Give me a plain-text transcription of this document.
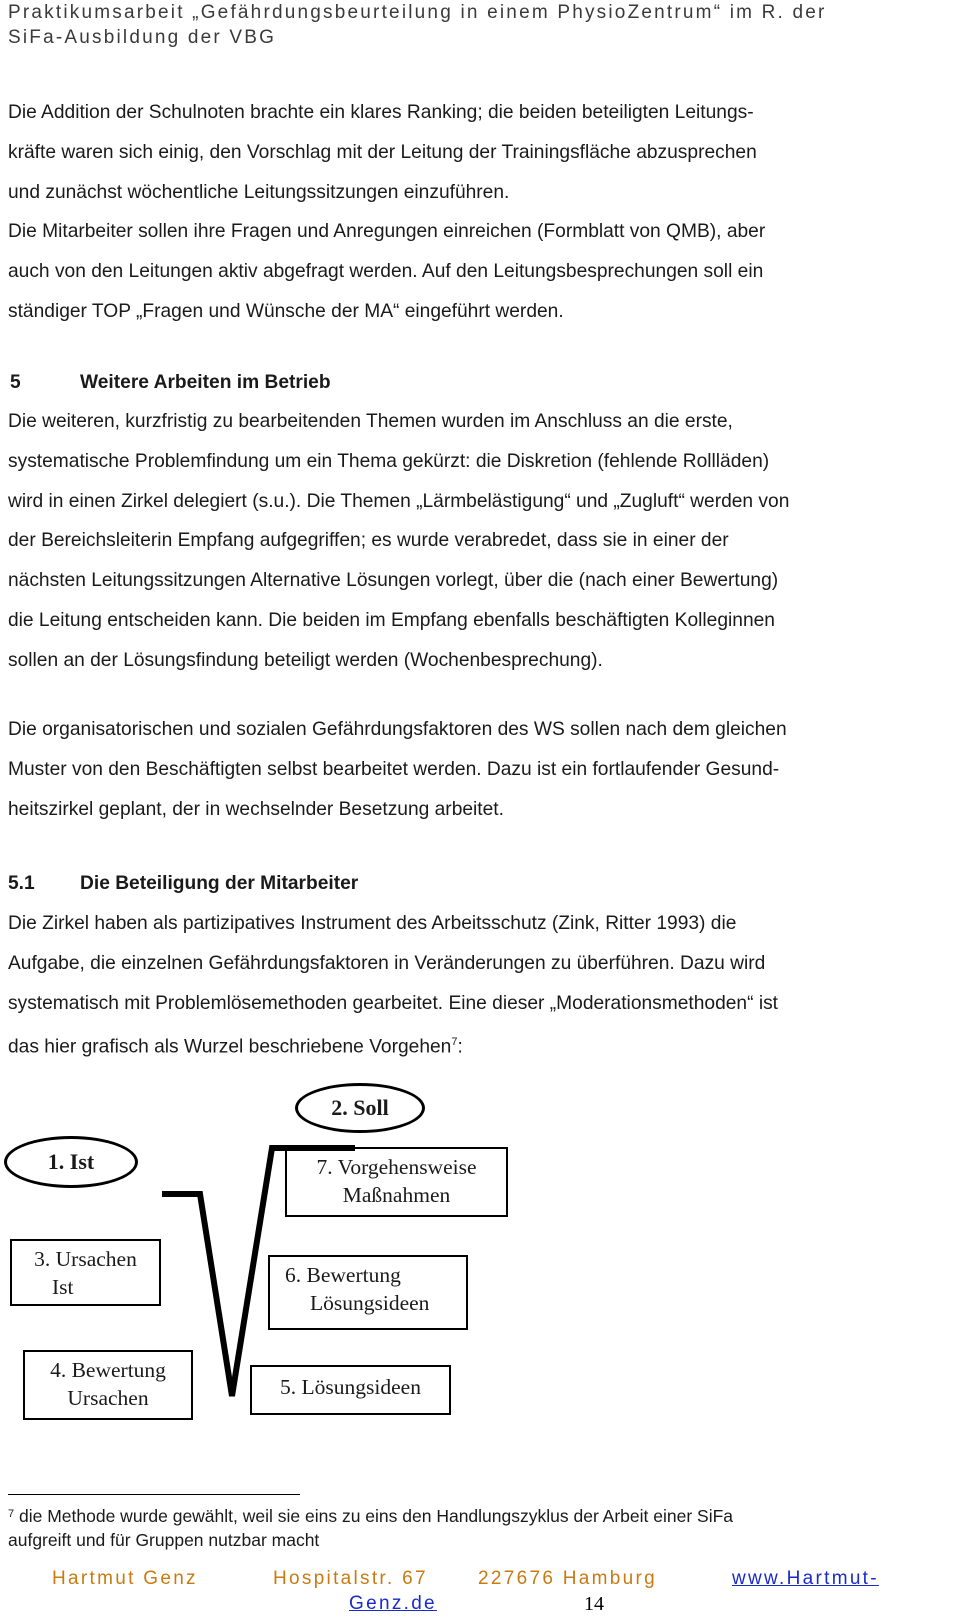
Praktikumsarbeit „Gefährdungsbeurteilung in einem PhysioZentrum“ im R. der
SiFa-Ausbildung der VBG

Die Addition der Schulnoten brachte ein klares Ranking; die beiden beteiligten Leitungs-

kräfte waren sich einig, den Vorschlag mit der Leitung der Trainingsfläche abzusprechen

und zunächst wöchentliche Leitungssitzungen einzuführen.

Die Mitarbeiter sollen ihre Fragen und Anregungen einreichen (Formblatt von QMB), aber

auch von den Leitungen aktiv abgefragt werden. Auf den Leitungsbesprechungen soll ein

ständiger TOP „Fragen und Wünsche der MA“ eingeführt werden.

5	Weitere Arbeiten im Betrieb

Die weiteren, kurzfristig zu bearbeitenden Themen wurden im Anschluss an die erste,

systematische Problemfindung um ein Thema gekürzt: die Diskretion (fehlende Rollläden)

wird in einen Zirkel delegiert (s.u.). Die Themen „Lärmbelästigung“ und „Zugluft“ werden von

der Bereichsleiterin Empfang aufgegriffen; es wurde verabredet, dass sie in einer der

nächsten Leitungssitzungen Alternative Lösungen vorlegt, über die (nach einer Bewertung)

die Leitung entscheiden kann. Die beiden im Empfang ebenfalls beschäftigten Kolleginnen

sollen an der Lösungsfindung beteiligt werden (Wochenbesprechung).

Die organisatorischen und sozialen Gefährdungsfaktoren des WS sollen nach dem gleichen

Muster von den Beschäftigten selbst bearbeitet werden. Dazu ist ein fortlaufender Gesund-

heitszirkel geplant, der in wechselnder Besetzung arbeitet.

5.1 Die Beteiligung der Mitarbeiter

Die Zirkel haben als partizipatives Instrument des Arbeitsschutz (Zink, Ritter 1993) die

Aufgabe, die einzelnen Gefährdungsfaktoren in Veränderungen zu überführen. Dazu wird

systematisch mit Problemlösemethoden gearbeitet. Eine dieser „Moderationsmethoden“ ist

das hier grafisch als Wurzel beschriebene Vorgehen$^7$:

1. Ist
2. Soll
3. Ursachen
Ist
4. Bewertung
Ursachen	5. Lösungsideen
6. Bewertung
Lösungsideen
7. Vorgehensweise
Maßnahmen
$^7$ die Methode wurde gewählt, weil sie eins zu eins den Handlungszyklus der Arbeit einer SiFa
aufgreift und für Gruppen nutzbar macht
Hartmut Genz	Hospitalstr. 67	227676 Hamburg	www.Hartmut-
Genz.de	14
